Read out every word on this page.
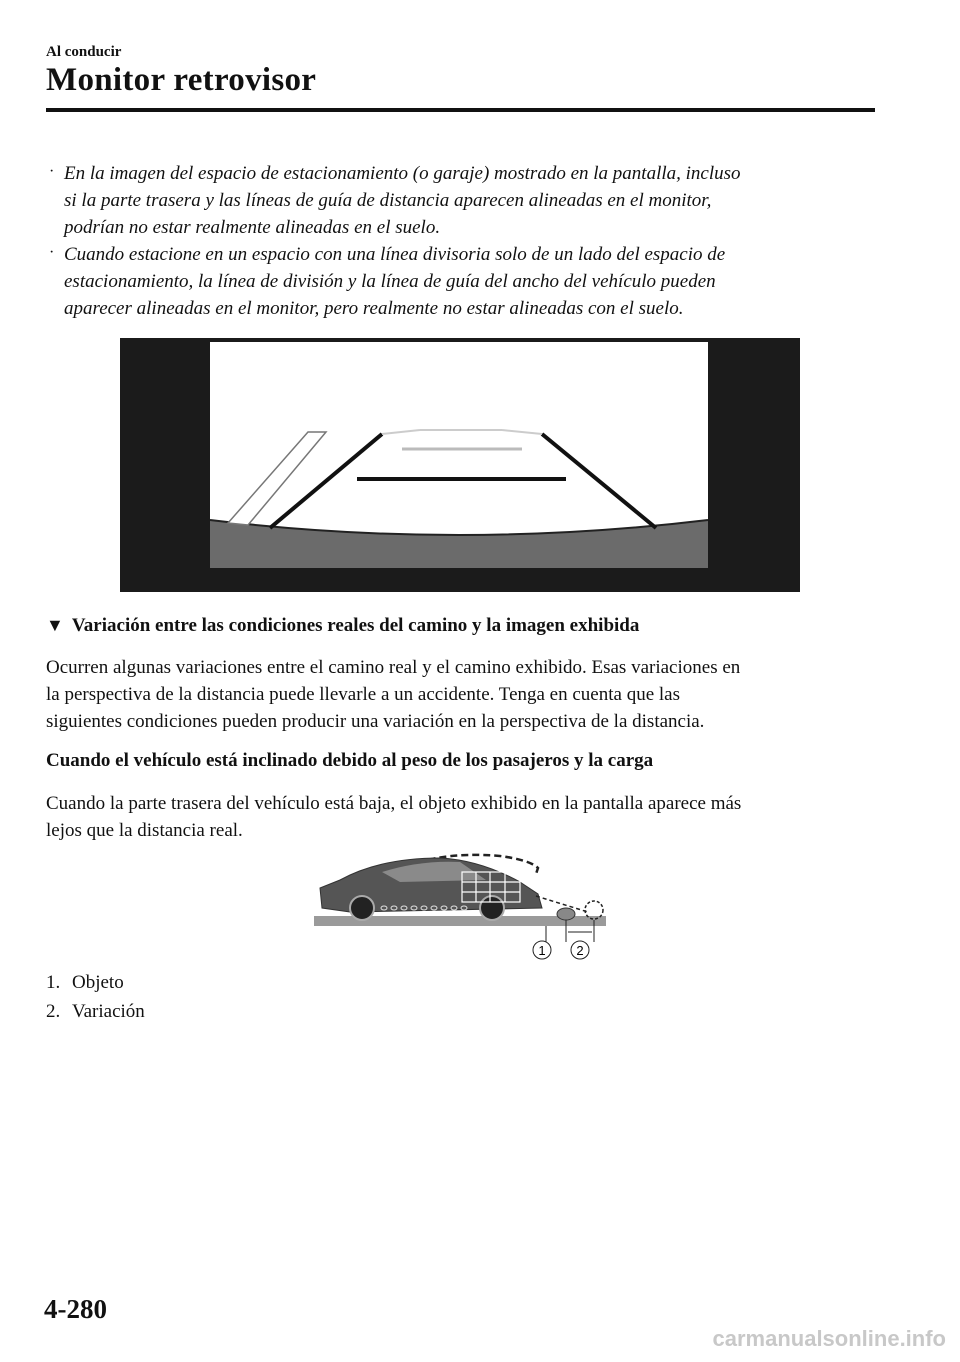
Al conducir
Monitor retrovisor
· En la imagen del espacio de estacionamiento (o garaje) mostrado en la pantalla, incluso
si la parte trasera y las líneas de guía de distancia aparecen alineadas en el monitor,
podrían no estar realmente alineadas en el suelo.
· Cuando estacione en un espacio con una línea divisoria solo de un lado del espacio de
estacionamiento, la línea de división y la línea de guía del ancho del vehículo pueden
aparecer alineadas en el monitor, pero realmente no estar alineadas con el suelo.
▼ Variación entre las condiciones reales del camino y la imagen exhibida
Ocurren algunas variaciones entre el camino real y el camino exhibido. Esas variaciones en
la perspectiva de la distancia puede llevarle a un accidente. Tenga en cuenta que las
siguientes condiciones pueden producir una variación en la perspectiva de la distancia.
Cuando el vehículo está inclinado debido al peso de los pasajeros y la carga
Cuando la parte trasera del vehículo está baja, el objeto exhibido en la pantalla aparece más
lejos que la distancia real.
1 2
1. Objeto
2. Variación
4-280
carmanualsonline.info
